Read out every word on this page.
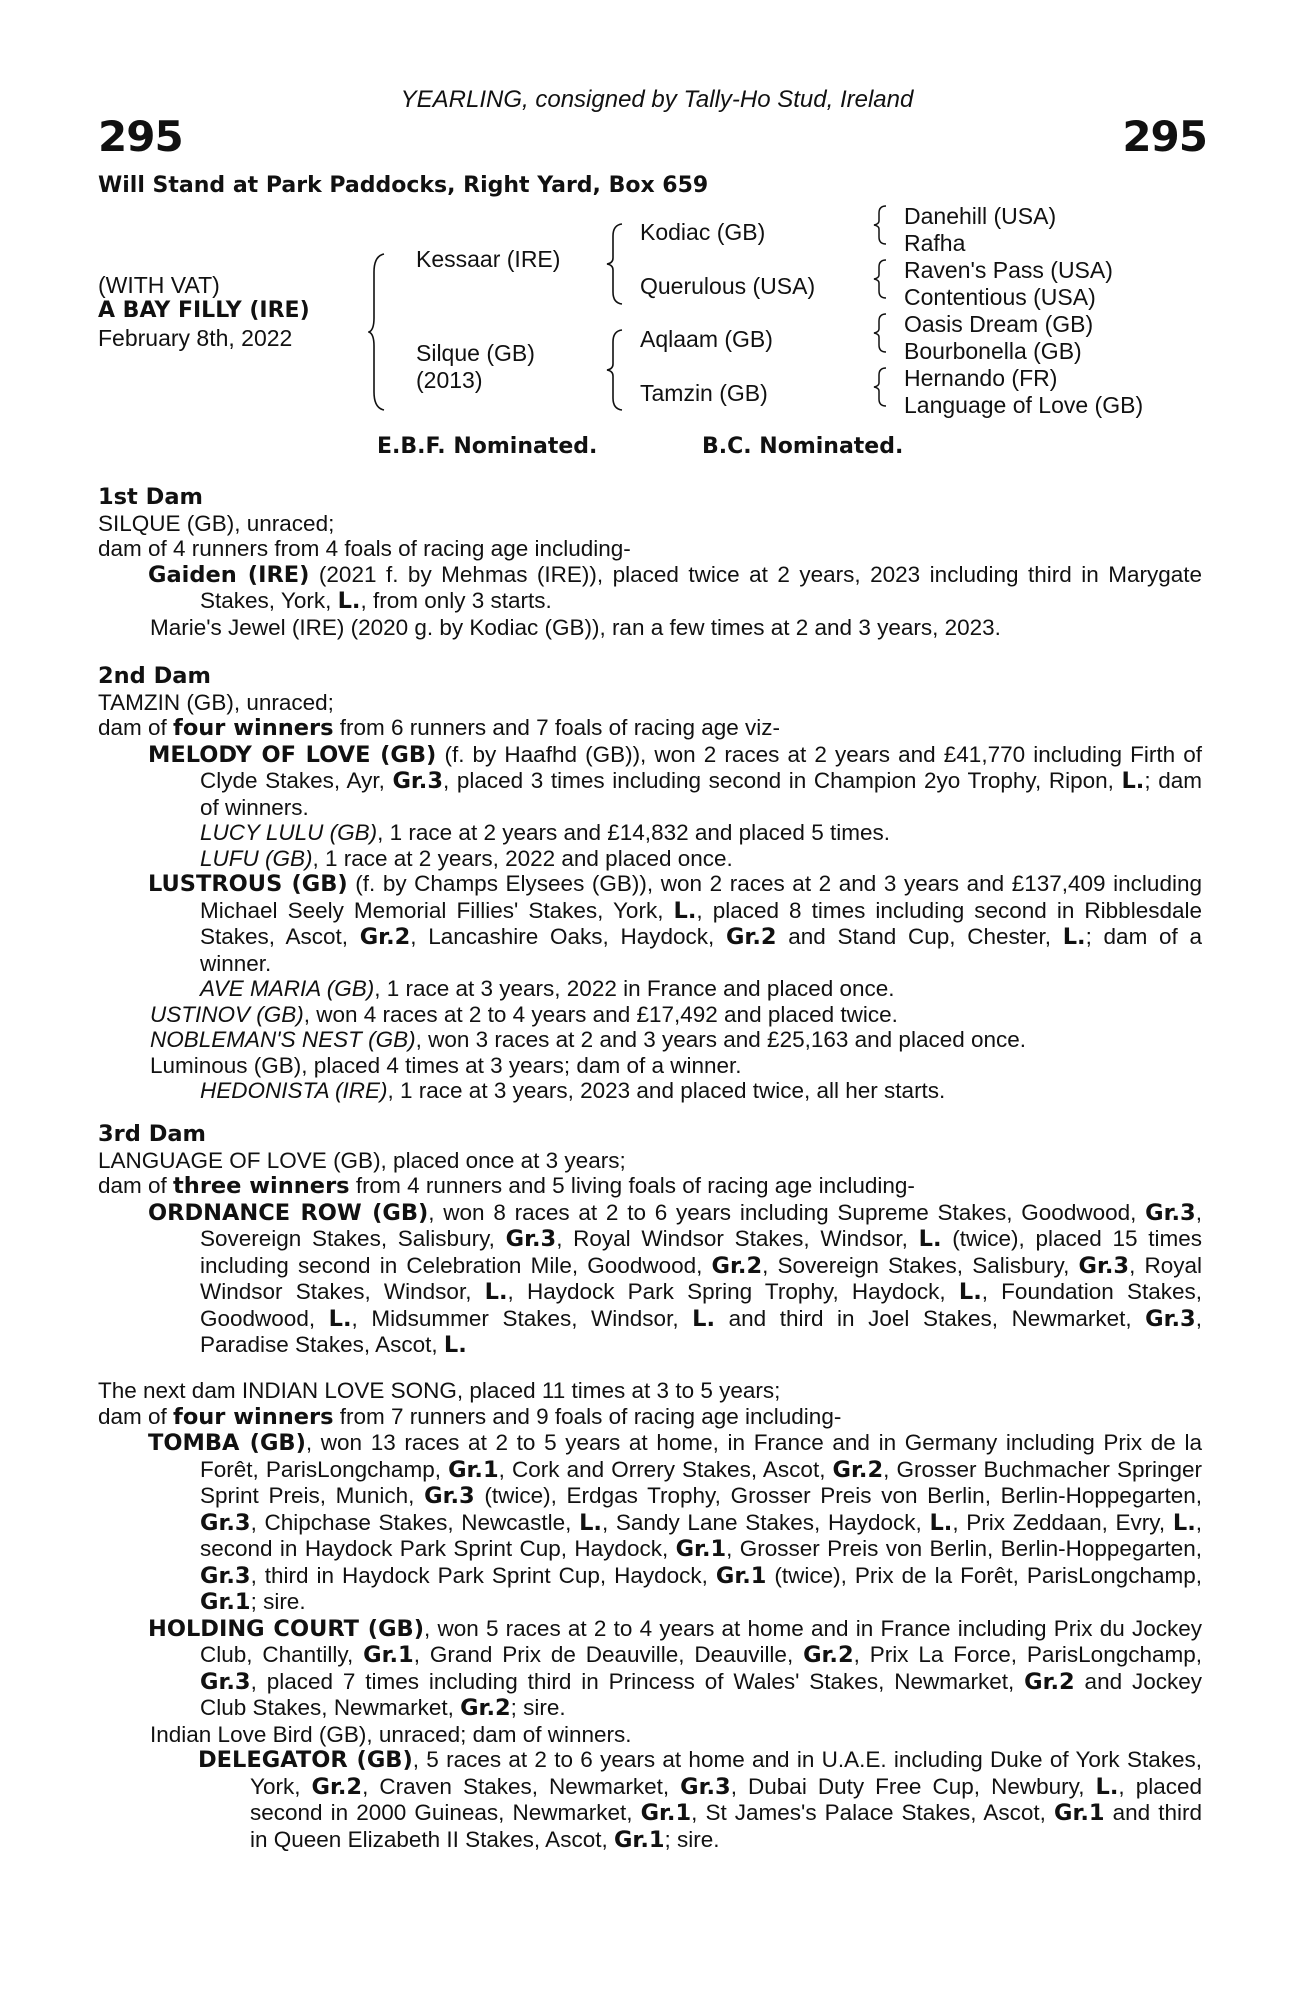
YEARLING, consigned by Tally-Ho Stud, Ireland
295	295
Will Stand at Park Paddocks, Right Yard, Box 659
(WITH VAT)
A BAY FILLY (IRE)
February 8th, 2022
Kessaar (IRE)
Silque (GB)
(2013)
Kodiac (GB)
Querulous (USA)
Aqlaam (GB)
Tamzin (GB)
Danehill (USA)
Rafha
Raven's Pass (USA)
Contentious (USA)
Oasis Dream (GB)
Bourbonella (GB)
Hernando (FR)
Language of Love (GB)
E.B.F. Nominated.	B.C. Nominated.

1st Dam

SILQUE (GB), unraced;

dam of 4 runners from 4 foals of racing age including-

Gaiden (IRE) (2021 f. by Mehmas (IRE)), placed twice at 2 years, 2023 including third in Marygate Stakes, York, L., from only 3 starts.

Marie's Jewel (IRE) (2020 g. by Kodiac (GB)), ran a few times at 2 and 3 years, 2023.

2nd Dam

TAMZIN (GB), unraced;

dam of four winners from 6 runners and 7 foals of racing age viz-

MELODY OF LOVE (GB) (f. by Haafhd (GB)), won 2 races at 2 years and £41,770 including Firth of Clyde Stakes, Ayr, Gr.3, placed 3 times including second in Champion 2yo Trophy, Ripon, L.; dam of winners.

LUCY LULU (GB), 1 race at 2 years and £14,832 and placed 5 times.

LUFU (GB), 1 race at 2 years, 2022 and placed once.

LUSTROUS (GB) (f. by Champs Elysees (GB)), won 2 races at 2 and 3 years and £137,409 including Michael Seely Memorial Fillies' Stakes, York, L., placed 8 times including second in Ribblesdale Stakes, Ascot, Gr.2, Lancashire Oaks, Haydock, Gr.2 and Stand Cup, Chester, L.; dam of a winner.

AVE MARIA (GB), 1 race at 3 years, 2022 in France and placed once.

USTINOV (GB), won 4 races at 2 to 4 years and £17,492 and placed twice.

NOBLEMAN'S NEST (GB), won 3 races at 2 and 3 years and £25,163 and placed once.

Luminous (GB), placed 4 times at 3 years; dam of a winner.

HEDONISTA (IRE), 1 race at 3 years, 2023 and placed twice, all her starts.

3rd Dam

LANGUAGE OF LOVE (GB), placed once at 3 years;

dam of three winners from 4 runners and 5 living foals of racing age including-

ORDNANCE ROW (GB), won 8 races at 2 to 6 years including Supreme Stakes, Goodwood, Gr.3, Sovereign Stakes, Salisbury, Gr.3, Royal Windsor Stakes, Windsor, L. (twice), placed 15 times including second in Celebration Mile, Goodwood, Gr.2, Sovereign Stakes, Salisbury, Gr.3, Royal Windsor Stakes, Windsor, L., Haydock Park Spring Trophy, Haydock, L., Foundation Stakes, Goodwood, L., Midsummer Stakes, Windsor, L. and third in Joel Stakes, Newmarket, Gr.3, Paradise Stakes, Ascot, L.

The next dam INDIAN LOVE SONG, placed 11 times at 3 to 5 years;

dam of four winners from 7 runners and 9 foals of racing age including-

TOMBA (GB), won 13 races at 2 to 5 years at home, in France and in Germany including Prix de la Forêt, ParisLongchamp, Gr.1, Cork and Orrery Stakes, Ascot, Gr.2, Grosser Buchmacher Springer Sprint Preis, Munich, Gr.3 (twice), Erdgas Trophy, Grosser Preis von Berlin, Berlin-Hoppegarten, Gr.3, Chipchase Stakes, Newcastle, L., Sandy Lane Stakes, Haydock, L., Prix Zeddaan, Evry, L., second in Haydock Park Sprint Cup, Haydock, Gr.1, Grosser Preis von Berlin, Berlin-Hoppegarten, Gr.3, third in Haydock Park Sprint Cup, Haydock, Gr.1 (twice), Prix de la Forêt, ParisLongchamp, Gr.1; sire.

HOLDING COURT (GB), won 5 races at 2 to 4 years at home and in France including Prix du Jockey Club, Chantilly, Gr.1, Grand Prix de Deauville, Deauville, Gr.2, Prix La Force, ParisLongchamp, Gr.3, placed 7 times including third in Princess of Wales' Stakes, Newmarket, Gr.2 and Jockey Club Stakes, Newmarket, Gr.2; sire.

Indian Love Bird (GB), unraced; dam of winners.

DELEGATOR (GB), 5 races at 2 to 6 years at home and in U.A.E. including Duke of York Stakes, York, Gr.2, Craven Stakes, Newmarket, Gr.3, Dubai Duty Free Cup, Newbury, L., placed second in 2000 Guineas, Newmarket, Gr.1, St James's Palace Stakes, Ascot, Gr.1 and third in Queen Elizabeth II Stakes, Ascot, Gr.1; sire.
